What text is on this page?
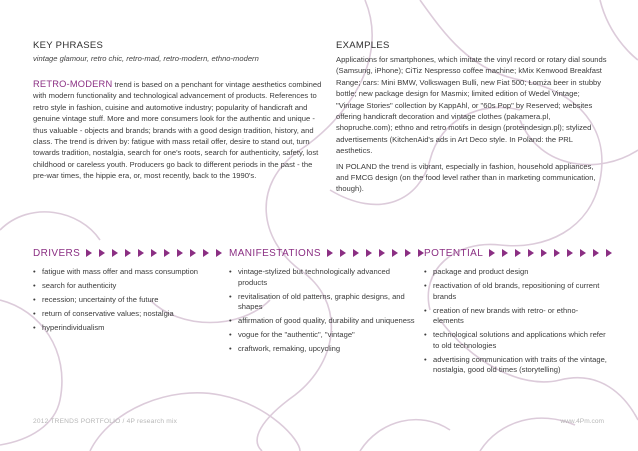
KEY PHRASES

vintage glamour, retro chic, retro-mad, retro-modern, ethno-modern

RETRO-MODERN trend is based on a penchant for vintage aesthetics combined with modern functionality and technological advancement of products. References to retro style in fashion, cuisine and automotive industry; popularity of handicraft and genuine vintage stuff. More and more consumers look for the authentic and unique - thus valuable - objects and brands; brands with a good design tradition, history, and class. The trend is driven by: fatigue with mass retail offer, desire to stand out, turn towards tradition, nostalgia, search for one's roots, search for authenticity, safety, lost childhood or careless youth. Producers go back to different periods in the past - the pre-war times, the hippie era, or, most recently, back to the 1990's.

EXAMPLES

Applications for smartphones, which imitate the vinyl record or rotary dial sounds (Samsung, iPhone); CiTiz Nespresso coffee machine; kMix Kenwood Breakfast Range; cars: Mini BMW, Volkswagen Bulli, new Fiat 500; Łomża beer in stubby bottle; new package design for Masmix; limited edition of Wedel Vintage; "Vintage Stories" collection by KappAhl, or "60s Pop" by Reserved; websites offering handicraft decoration and vintage clothes (pakamera.pl, shopruche.com); ethno and retro motifs in design (proteindesign.pl); stylized advertisements (KitchenAid's ads in Art Deco style. In Poland: the PRL aesthetics.

IN POLAND the trend is vibrant, especially in fashion, household appliances, and FMCG design (on the food level rather than in marketing communication, though).

DRIVERS
• fatigue with mass offer and mass consumption
• search for authenticity
• recession; uncertainty of the future
• return of conservative values; nostalgia
• hyperindividualism
MANIFESTATIONS
• vintage-stylized but technologically advanced products
• revitalisation of old patterns, graphic designs, and shapes
• affirmation of good quality, durability and uniqueness
• vogue for the "authentic", "vintage"
• craftwork, remaking, upcycling
POTENTIAL
• package and product design
• reactivation of old brands, repositioning of current brands
• creation of new brands with retro- or ethno-elements
• technological solutions and applications which refer to old technologies
• advertising communication with traits of the vintage, nostalgia, good old times (storytelling)
2012 TRENDS PORTFOLIO / 4P research mix	www.4Pm.com
